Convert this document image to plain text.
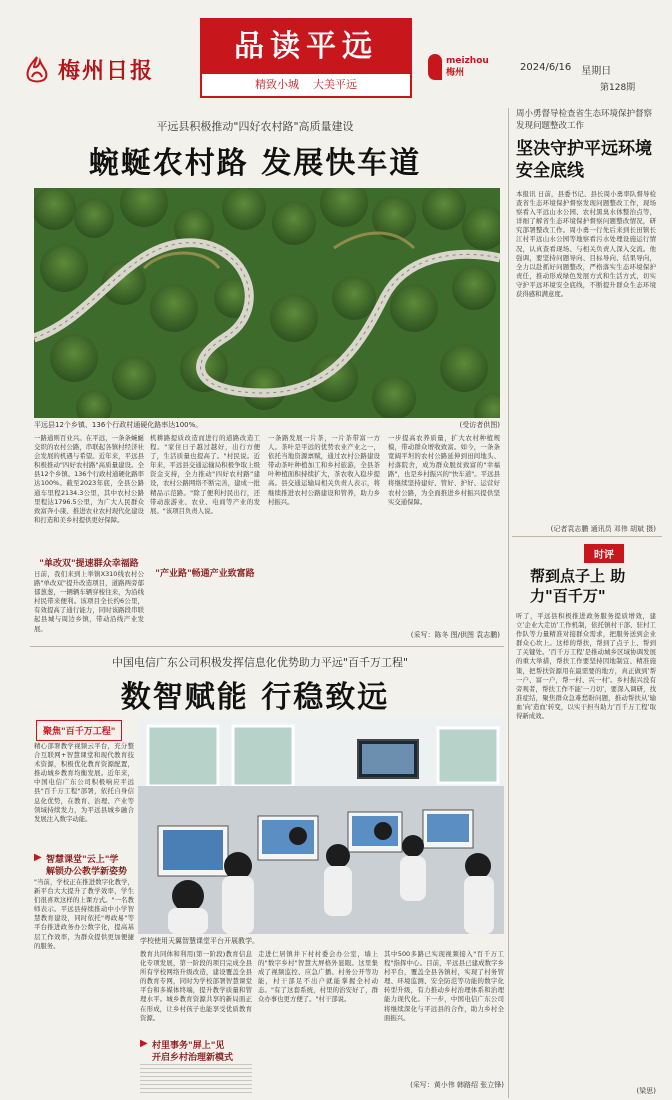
梅州日报
品读平远
精致小城 大美平远
meizhou
梅州	2024/6/16 星期日
第128期
平远县积极推动"四好农村路"高质量建设
蜿蜒农村路 发展快车道
平远县12个乡镇、136个行政村通硬化路率达100%。	(受访者供图)
一路通则百业兴。在平远，一条条蜿蜒交织的农村公路，串联起各镇村经济社会发展的机遇与希望。近年来，平远县积极推动"四好农村路"高质量建设。全县12个乡镇、136个行政村通硬化路率达100%。截至2023年底，全县公路通车里程2134.3公里，其中农村公路里程达1796.5公里，为广大人民群众致富奔小康、推进农业农村现代化建设和打造和美乡村提供更好保障。
"单改双"提速群众幸福路
日前，我们来到上举镇X310线农村公路"单改双"提升改造项目，道路两旁郁郁葱葱，一辆辆车辆穿梭往来，为沿线村民带来便利。该项目全长约6公里，有效提高了通行能力，同时该路段串联起县城与周边乡镇，带动沿线产业发展。
机耕路提质改造而进行的道路改造工程。"家住日子越过越好，出行方便了，生活质量也提高了。"村民说。近年来，平远县交通运输局积极争取上级资金支持，全力推动"四好农村路"建设，农村公路网络不断完善，建成一批精品示范路。"除了便利村民出行，还带动旅游业、农业、电商等产业的发展。"该项目负责人说。
"产业路"畅通产业致富路
一条路发展一片茶，一片茶带富一方人。茶叶是平远的优势农业产业之一，依托当地资源禀赋，通过农村公路建设带动茶叶种植加工和乡村旅游，全县茶叶种植面积持续扩大，茶农收入稳步提高。县交通运输局相关负责人表示，将继续推进农村公路建设和管养，助力乡村振兴。
一步提高农养质量，扩大农村种植规模，带动群众增收致富。如今，一条条宽阔平坦的农村公路延伸到田间地头、村落院舍，成为群众脱贫致富的"幸福路"，也是乡村振兴的"快车道"。平远县将继续坚持建好、管好、护好、运营好农村公路，为全面推进乡村振兴提供坚实交通保障。
(采写：陈冬 图/供图 袁志鹏)
周小勇督导检查省生态环境保护督察发现问题整改工作
坚决守护平远环境安全底线
本报讯 日前，县委书记、县长周小勇率队督导检查省生态环境保护督察发现问题整改工作，现场察看入平远山水公园、农村黑臭水体整治点等，详细了解省生态环境保护督察问题整改情况，研究部署整改工作。周小勇一行先后来到长田镇长江村平远山水公园等地察看污水处理设施运行情况，认真查看现场、与相关负责人深入交流。他强调，要坚持问题导向、目标导向、结果导向，全力以赴抓好问题整改，严格落实生态环境保护责任，推动形成绿色发展方式和生活方式，切实守护平远环境安全底线，不断提升群众生态环境获得感和满意度。
(记者袁志鹏 通讯员 邓伟 胡斌 摄)
时评
帮到点子上 助力"百千万"
听了，平远县积极推进政务服务提质增效，建立'企业大走访'工作机制，依托镇村干部、驻村工作队等力量精准对接群众需求，把服务送到企业群众心坎上。这样的帮扶，帮到了点子上、帮到了关键处。'百千万工程'是推动城乡区域协调发展的重大举措，帮扶工作要坚持因地制宜、精准施策，把帮扶资源用在最需要的地方，真正做到'帮一户、富一户，帮一村、兴一村'。乡村振兴没有旁观者，帮扶工作不能'一刀切'，要深入调研，找准症结，聚焦群众急难愁盼问题，推动帮扶从'输血'向'造血'转变，以实干担当助力'百千万工程'取得新成效。
(梁思)
中国电信广东公司积极发挥信息化优势助力平远"百千万工程"
数智赋能 行稳致远
聚焦"百千万工程"
精心部署教学视频云平台，充分整合互联网+智慧课堂和现代教育技术资源，积极优化教育资源配置，推动城乡教育均衡发展。近年来，中国电信广东公司积极响应平远县"百千万工程"部署，依托自身信息化优势，在教育、治理、产业等领域持续发力，为平远县城乡融合发展注入数字动能。
▶ 智慧课堂"云上"学
解锁办公教学新姿势
"当前，学校正在推进数字化教学，新平台大大提升了教学效率，学生们很喜欢这样的上课方式。"一名教师表示。平远县持续推动中小学智慧教育建设，同时依托"粤政易"等平台推进政务办公数字化，提高基层工作效率，为群众提供更加便捷的服务。
学校使用天翼智慧课堂平台开展教学。
教育共同体和利用(第一阶段)教育信息化专项发展，第一阶段的项目完成全县所有学校网络升级改造，建设覆盖全县的教育专网，同时为学校部署智慧课堂平台和多媒体终端，提升教学质量和管理水平。城乡教育资源共享的新局面正在形成，让乡村孩子也能享受优质教育资源。
▶ 村里事务"屏上"见
开启乡村治理新模式
走进仁居镇井下村村委会办公室，墙上的"数字乡村"智慧大屏格外显眼。这里集成了视频监控、应急广播、村务公开等功能，村干部足不出户就能掌握全村动态。"有了这套系统，村里的治安好了，群众办事也更方便了。"村干部说。
其中500多路已实现视频接入"百千万工程"指挥中心。目前，平远县已建成数字乡村平台，覆盖全县各镇村，实现了村务管理、环境监测、安全防范等功能的数字化转型升级，有力推动乡村治理体系和治理能力现代化。下一步，中国电信广东公司将继续深化与平远县的合作，助力乡村全面振兴。
(采写：黄小伟 韩路绍 张立锋)
